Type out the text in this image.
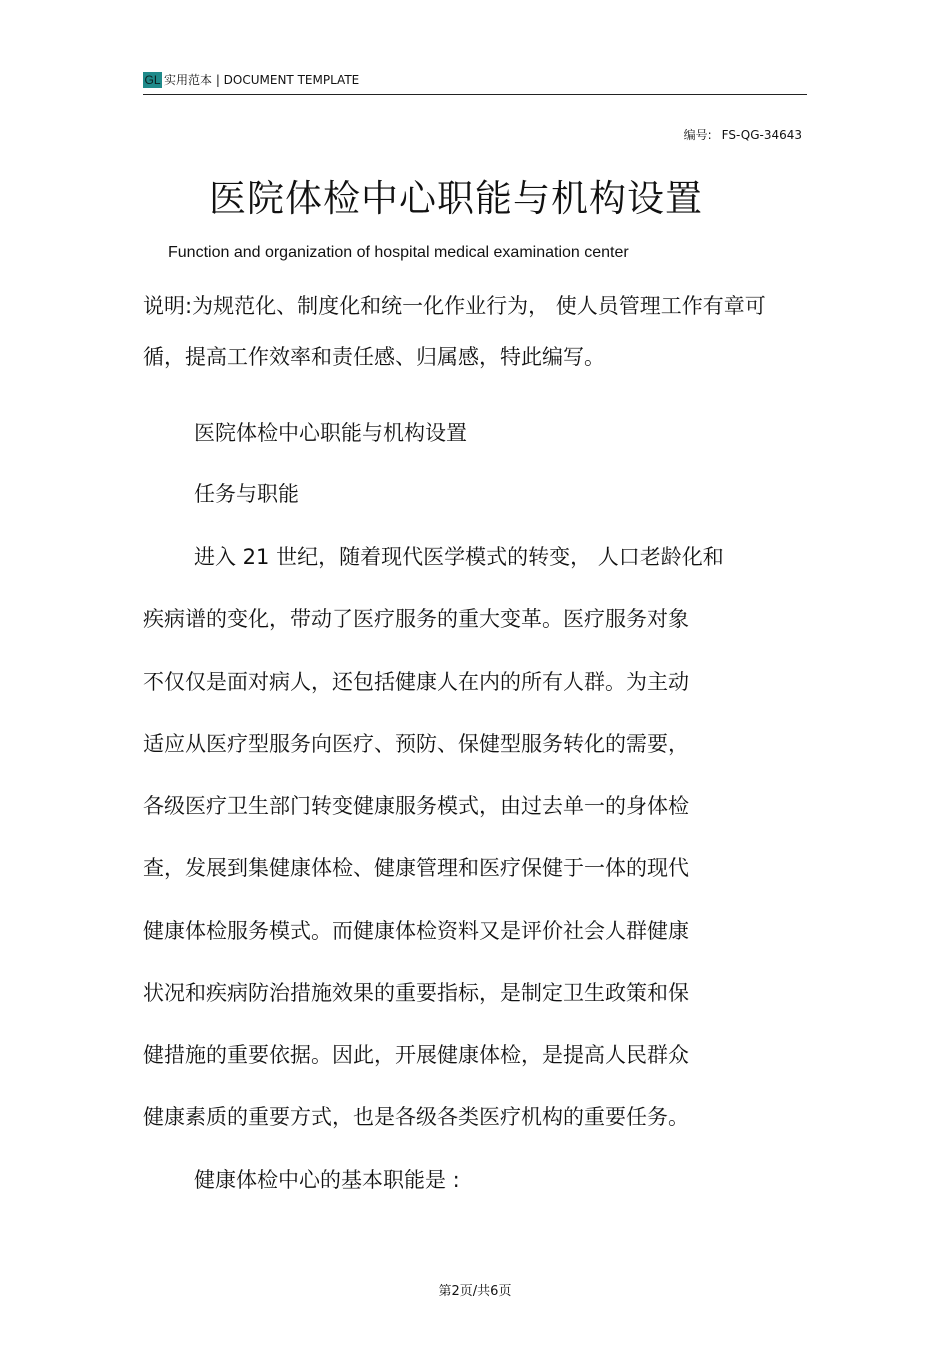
GL 实用范本 | DOCUMENT TEMPLATE
编号: FS-QG-34643
医院体检中心职能与机构设置
Function and organization of hospital medical examination center
说明:为规范化、制度化和统一化作业行为， 使人员管理工作有章可
循，提高工作效率和责任感、归属感，特此编写。
医院体检中心职能与机构设置
任务与职能
进入 21 世纪，随着现代医学模式的转变， 人口老龄化和
疾病谱的变化，带动了医疗服务的重大变革。医疗服务对象
不仅仅是面对病人，还包括健康人在内的所有人群。为主动
适应从医疗型服务向医疗、预防、保健型服务转化的需要，
各级医疗卫生部门转变健康服务模式，由过去单一的身体检
查，发展到集健康体检、健康管理和医疗保健于一体的现代
健康体检服务模式。而健康体检资料又是评价社会人群健康
状况和疾病防治措施效果的重要指标，是制定卫生政策和保
健措施的重要依据。因此，开展健康体检，是提高人民群众
健康素质的重要方式，也是各级各类医疗机构的重要任务。
健康体检中心的基本职能是 :
第2页/共6页
